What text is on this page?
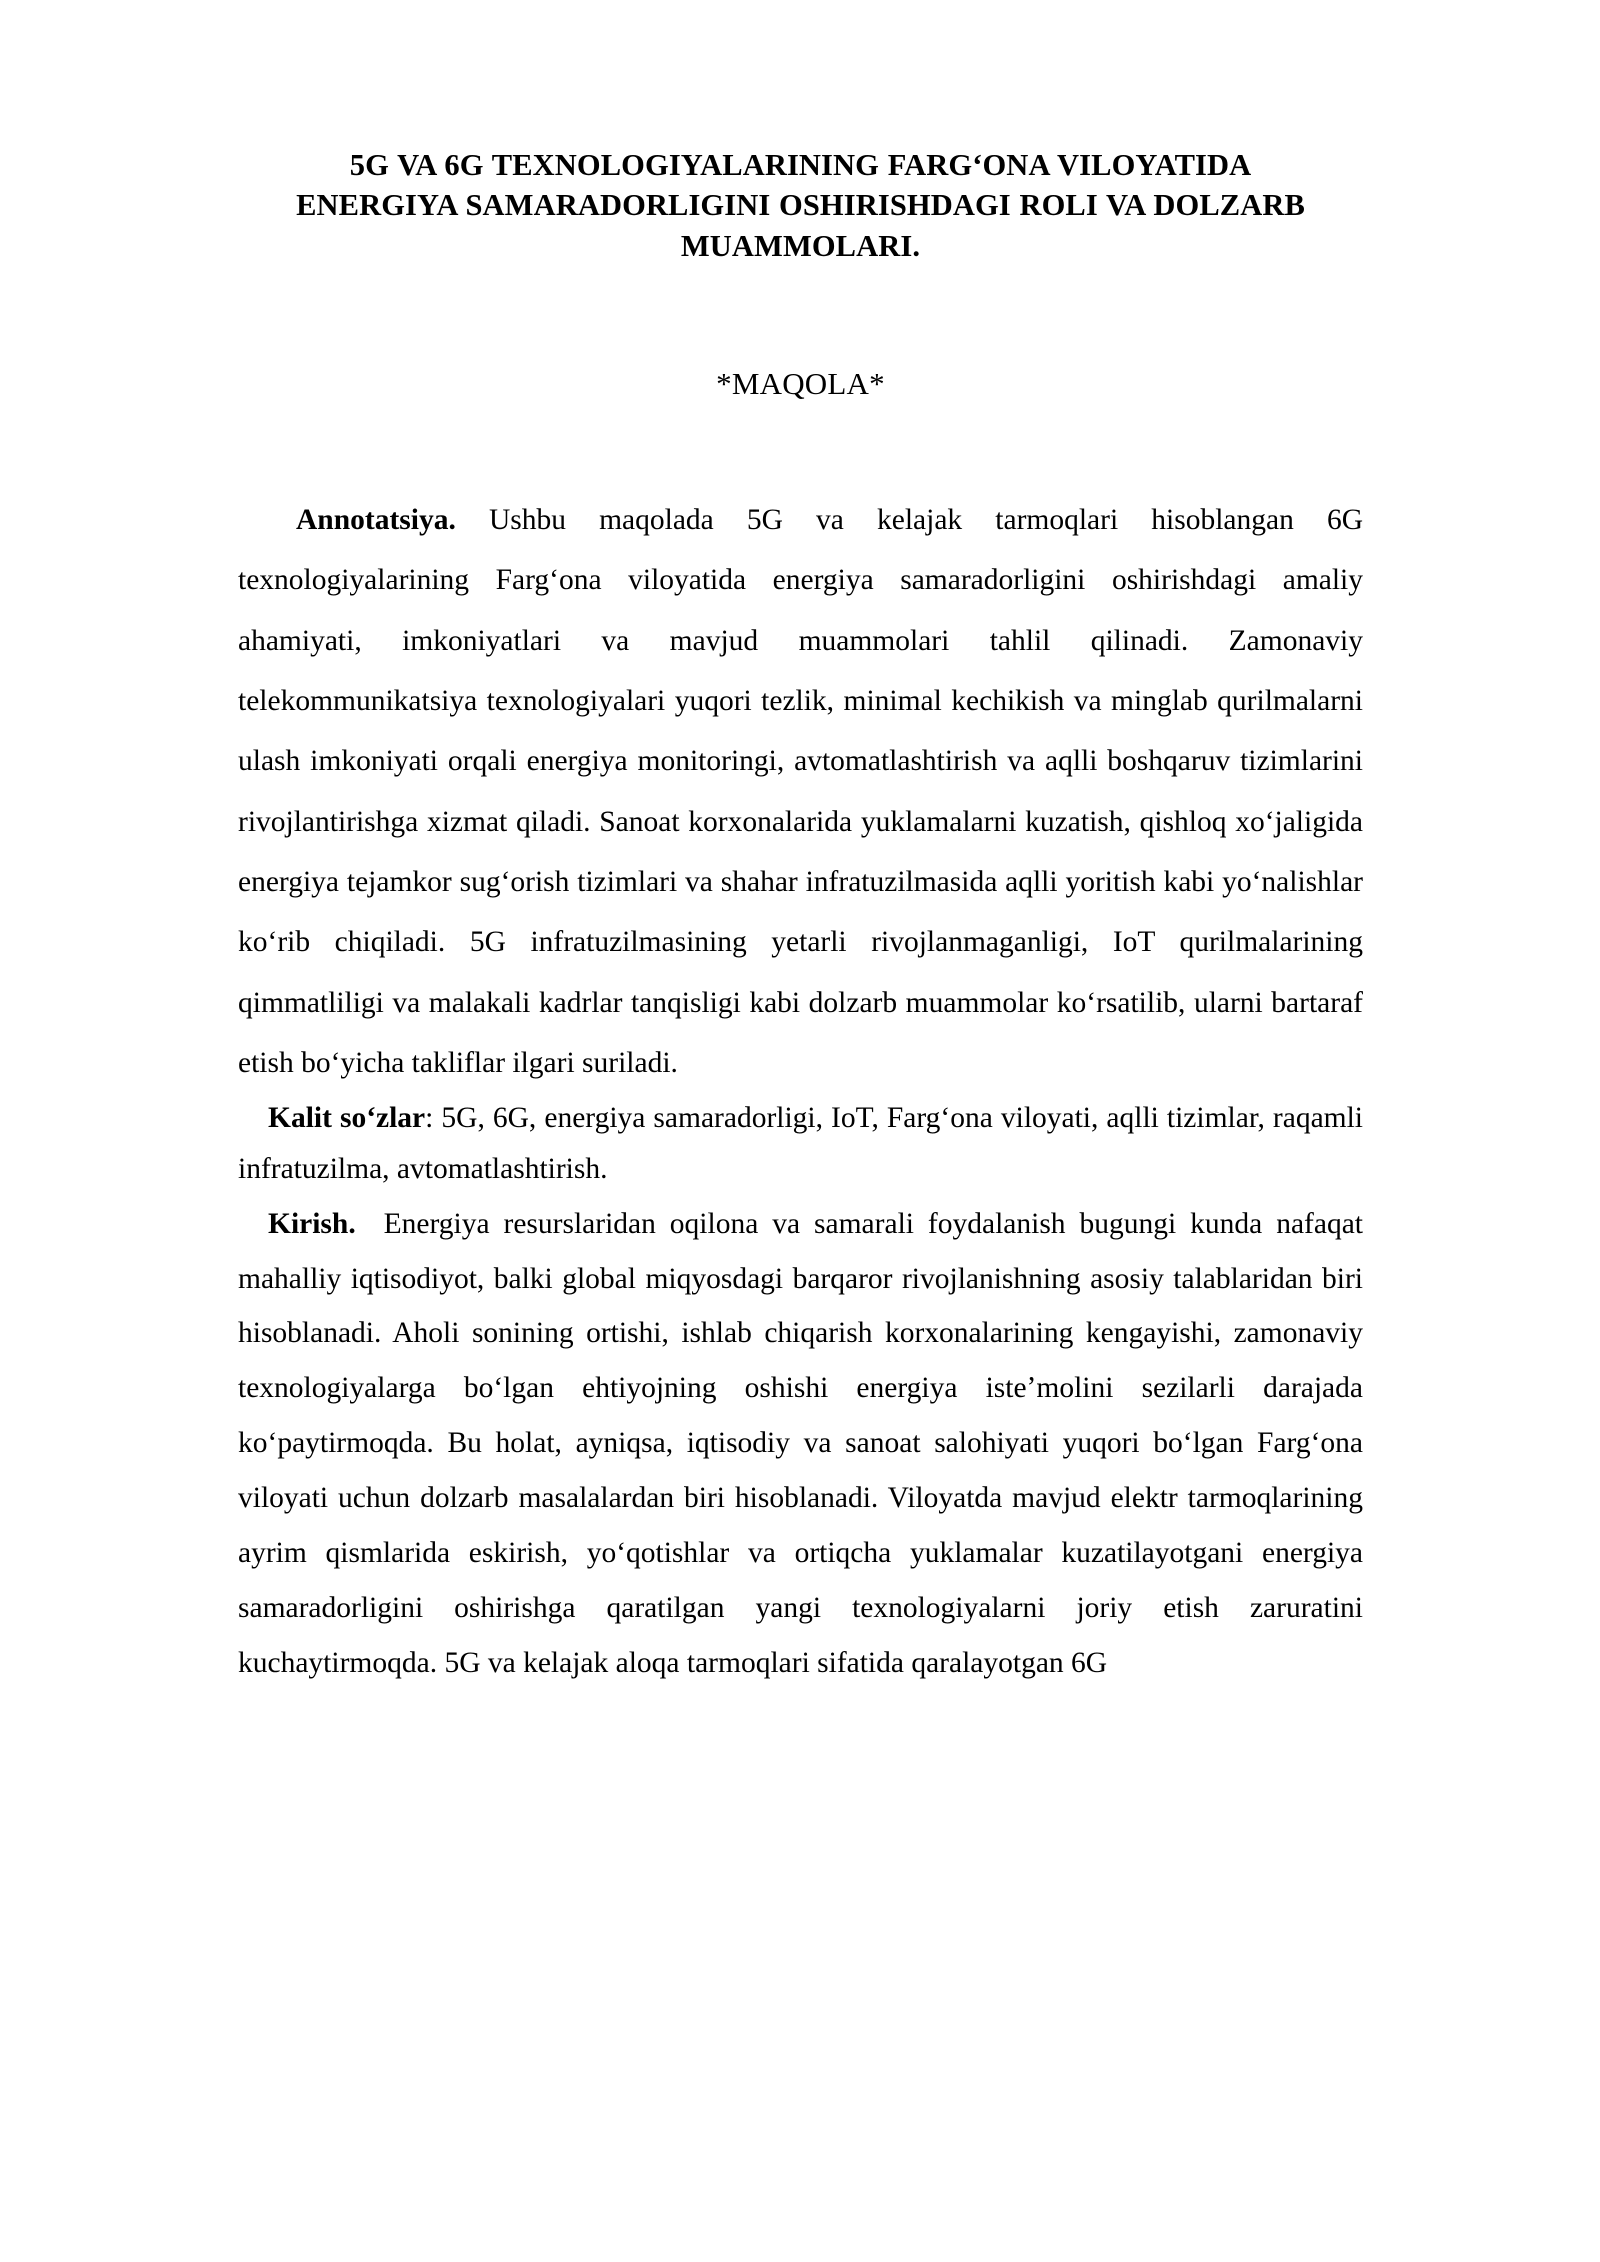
5G VA 6G TEXNOLOGIYALARINING FARGʻONA VILOYATIDA
ENERGIYA SAMARADORLIGINI OSHIRISHDAGI ROLI VA DOLZARB
MUAMMOLARI.
*MAQOLA*

Annotatsiya. Ushbu maqolada 5G va kelajak tarmoqlari hisoblangan 6G texnologiyalarining Fargʻona viloyatida energiya samaradorligini oshirishdagi amaliy ahamiyati, imkoniyatlari va mavjud muammolari tahlil qilinadi. Zamonaviy telekommunikatsiya texnologiyalari yuqori tezlik, minimal kechikish va minglab qurilmalarni ulash imkoniyati orqali energiya monitoringi, avtomatlashtirish va aqlli boshqaruv tizimlarini rivojlantirishga xizmat qiladi. Sanoat korxonalarida yuklamalarni kuzatish, qishloq xoʻjaligida energiya tejamkor sugʻorish tizimlari va shahar infratuzilmasida aqlli yoritish kabi yoʻnalishlar koʻrib chiqiladi. 5G infratuzilmasining yetarli rivojlanmaganligi, IoT qurilmalarining qimmatliligi va malakali kadrlar tanqisligi kabi dolzarb muammolar koʻrsatilib, ularni bartaraf etish boʻyicha takliflar ilgari suriladi.

Kalit soʻzlar: 5G, 6G, energiya samaradorligi, IoT, Fargʻona viloyati, aqlli tizimlar, raqamli infratuzilma, avtomatlashtirish.

Kirish. Energiya resurslaridan oqilona va samarali foydalanish bugungi kunda nafaqat mahalliy iqtisodiyot, balki global miqyosdagi barqaror rivojlanishning asosiy talablaridan biri hisoblanadi. Aholi sonining ortishi, ishlab chiqarish korxonalarining kengayishi, zamonaviy texnologiyalarga boʻlgan ehtiyojning oshishi energiya isteʼmolini sezilarli darajada koʻpaytirmoqda. Bu holat, ayniqsa, iqtisodiy va sanoat salohiyati yuqori boʻlgan Fargʻona viloyati uchun dolzarb masalalardan biri hisoblanadi. Viloyatda mavjud elektr tarmoqlarining ayrim qismlarida eskirish, yoʻqotishlar va ortiqcha yuklamalar kuzatilayotgani energiya samaradorligini oshirishga qaratilgan yangi texnologiyalarni joriy etish zaruratini kuchaytirmoqda. 5G va kelajak aloqa tarmoqlari sifatida qaralayotgan 6G
